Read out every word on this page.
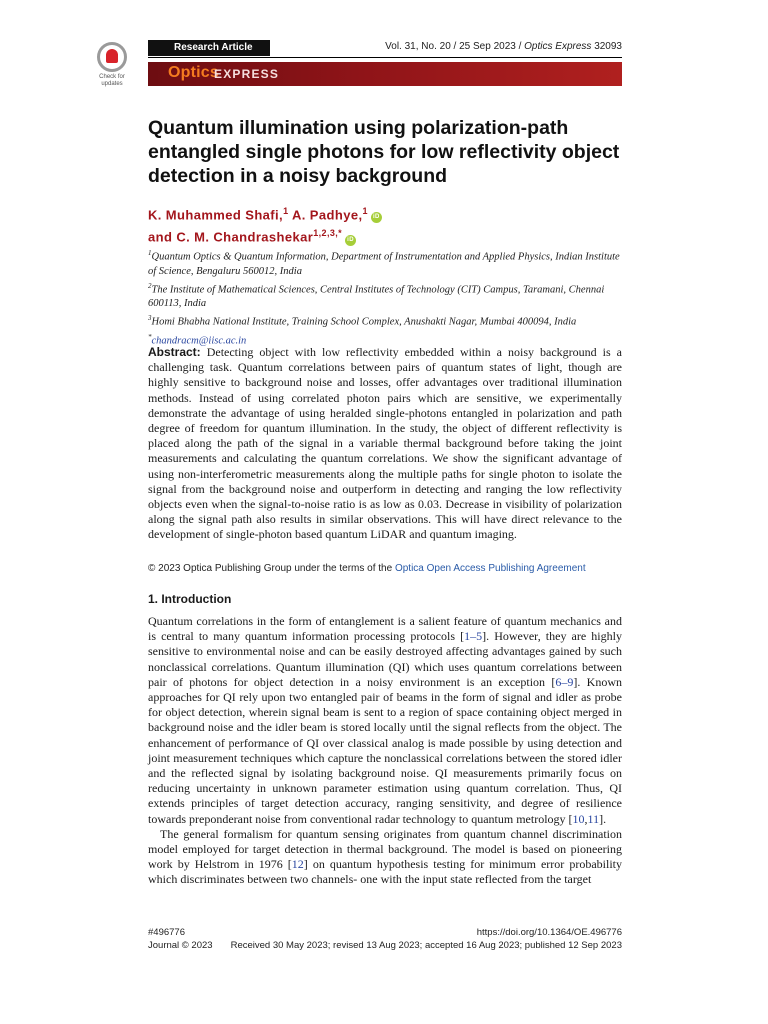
Check for updates
Research Article	Vol. 31, No. 20 / 25 Sep 2023 / Optics Express 32093
Optics
EXPRESS
Quantum illumination using polarization-path entangled single photons for low reflectivity object detection in a noisy background
K. Muhammed Shafi,$^1$ A. Padhye,$^1$iD
and C. M. Chandrashekar$^{1,2,3,*}$iD
$^1$Quantum Optics & Quantum Information, Department of Instrumentation and Applied Physics, Indian Institute of Science, Bengaluru 560012, India
$^2$The Institute of Mathematical Sciences, Central Institutes of Technology (CIT) Campus, Taramani, Chennai 600113, India
$^3$Homi Bhabha National Institute, Training School Complex, Anushakti Nagar, Mumbai 400094, India
*chandracm@iisc.ac.in

Abstract: Detecting object with low reflectivity embedded within a noisy background is a challenging task. Quantum correlations between pairs of quantum states of light, though are highly sensitive to background noise and losses, offer advantages over traditional illumination methods. Instead of using correlated photon pairs which are sensitive, we experimentally demonstrate the advantage of using heralded single-photons entangled in polarization and path degree of freedom for quantum illumination. In the study, the object of different reflectivity is placed along the path of the signal in a variable thermal background before taking the joint measurements and calculating the quantum correlations. We show the significant advantage of using non-interferometric measurements along the multiple paths for single photon to isolate the signal from the background noise and outperform in detecting and ranging the low reflectivity objects even when the signal-to-noise ratio is as low as 0.03. Decrease in visibility of polarization along the signal path also results in similar observations. This will have direct relevance to the development of single-photon based quantum LiDAR and quantum imaging.

© 2023 Optica Publishing Group under the terms of the Optica Open Access Publishing Agreement
1. Introduction

Quantum correlations in the form of entanglement is a salient feature of quantum mechanics and is central to many quantum information processing protocols [1–5]. However, they are highly sensitive to environmental noise and can be easily destroyed affecting advantages gained by such nonclassical correlations. Quantum illumination (QI) which uses quantum correlations between pair of photons for object detection in a noisy environment is an exception [6–9]. Known approaches for QI rely upon two entangled pair of beams in the form of signal and idler as probe for object detection, wherein signal beam is sent to a region of space containing object merged in background noise and the idler beam is stored locally until the signal reflects from the object. The enhancement of performance of QI over classical analog is made possible by using detection and joint measurement techniques which capture the nonclassical correlations between the stored idler and the reflected signal by isolating background noise. QI measurements primarily focus on reducing uncertainty in unknown parameter estimation using quantum correlation. Thus, QI extends principles of target detection accuracy, ranging sensitivity, and degree of resilience towards preponderant noise from conventional radar technology to quantum metrology [10,11].

The general formalism for quantum sensing originates from quantum channel discrimination model employed for target detection in thermal background. The model is based on pioneering work by Helstrom in 1976 [12] on quantum hypothesis testing for minimum error probability which discriminates between two channels- one with the input state reflected from the target

#496776	https://doi.org/10.1364/OE.496776
Journal © 2023 Received 30 May 2023; revised 13 Aug 2023; accepted 16 Aug 2023; published 12 Sep 2023
